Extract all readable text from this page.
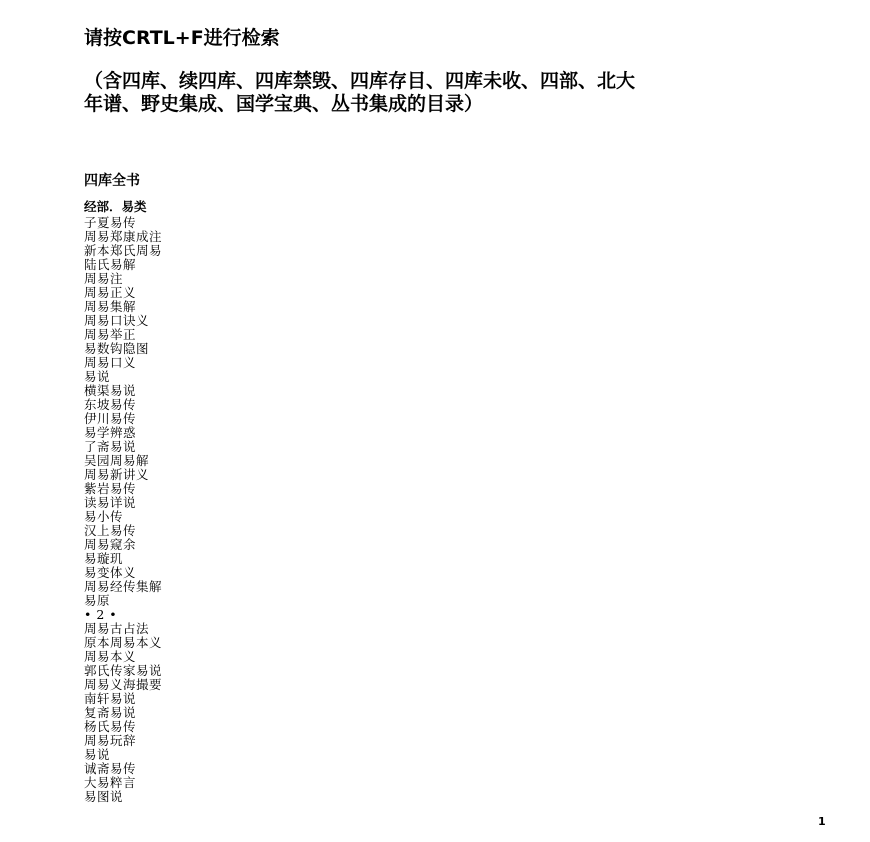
请按CRTL+F进行检索

（含四库、续四库、四库禁毁、四库存目、四库未收、四部、北大

年谱、野史集成、国学宝典、丛书集成的目录）

四库全书
经部．易类
子夏易传
周易郑康成注
新本郑氏周易
陆氏易解
周易注
周易正义
周易集解
周易口诀义
周易举正
易数钩隐图
周易口义
易说
横渠易说
东坡易传
伊川易传
易学辨惑
了斋易说
吴园周易解
周易新讲义
紫岩易传
读易详说
易小传
汉上易传
周易窥余
易璇玑
易变体义
周易经传集解
易原
• 2 •
周易古占法
原本周易本义
周易本义
郭氏传家易说
周易义海撮要
南轩易说
复斋易说
杨氏易传
周易玩辞
易说
诚斋易传
大易粹言
易图说
1
